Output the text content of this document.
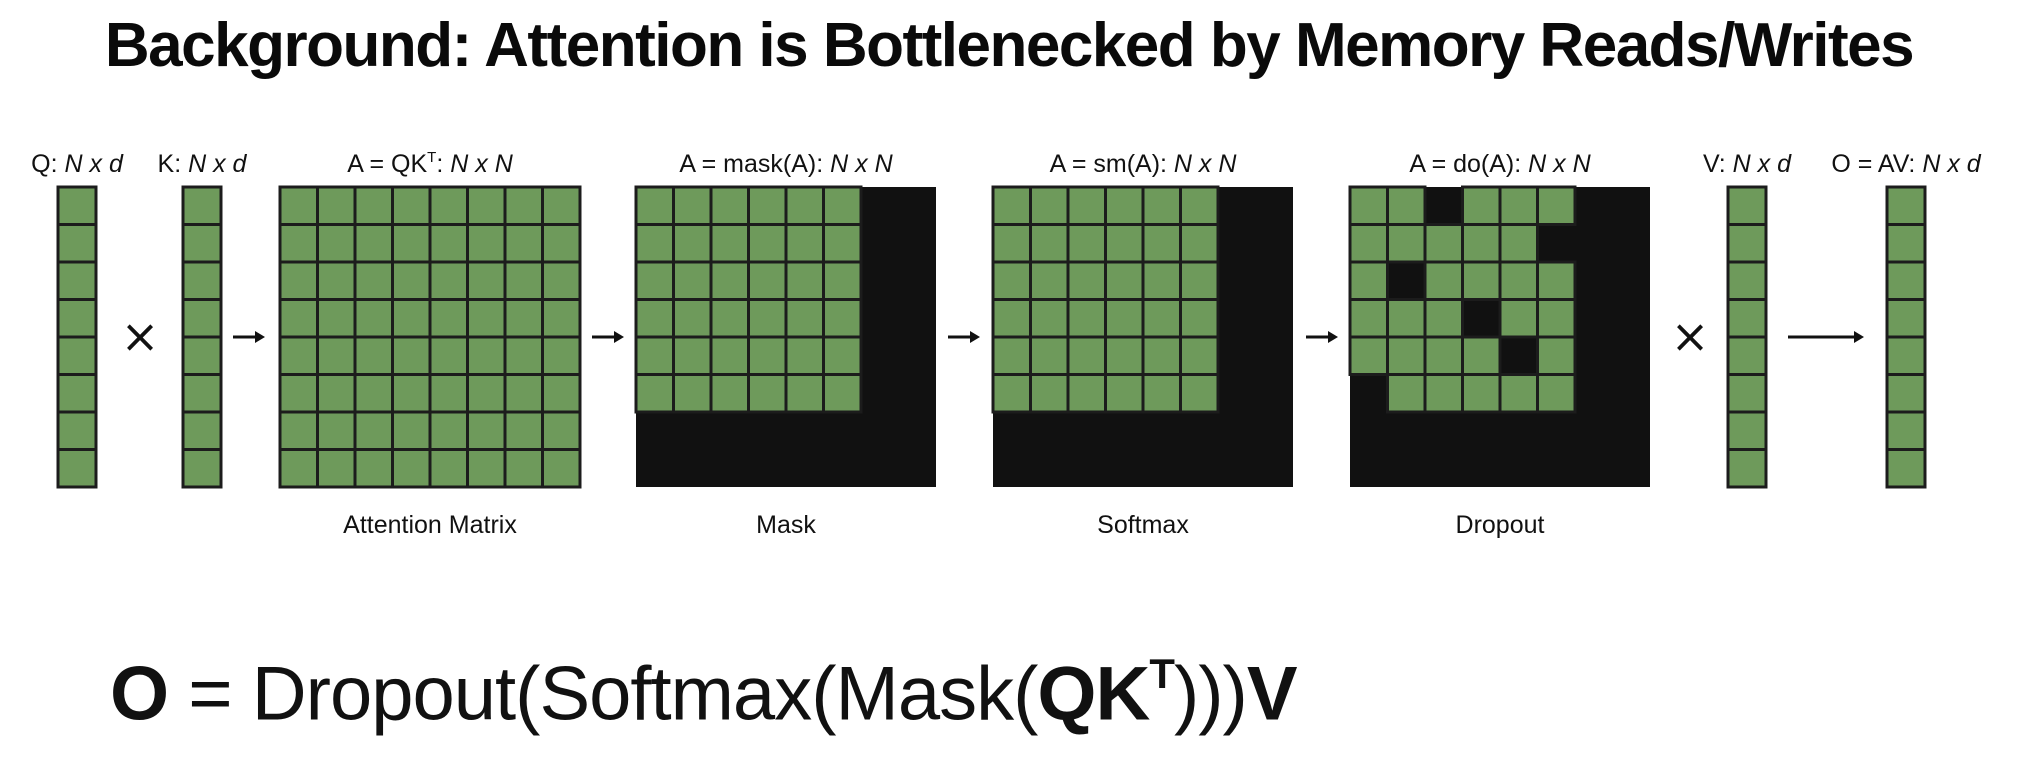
Background: Attention is Bottlenecked by Memory Reads/Writes
Q: N x d
×
K: N x d	$A = QK^T$: N x N
Attention Matrix
A = mask(A): N x N
Mask
A = sm(A): N x N
Softmax
A = do(A): N x N
Dropout
×
V: N x d O = AV: N x d
$O = Dropout(Softmax(Mask(QK^T)))V$
